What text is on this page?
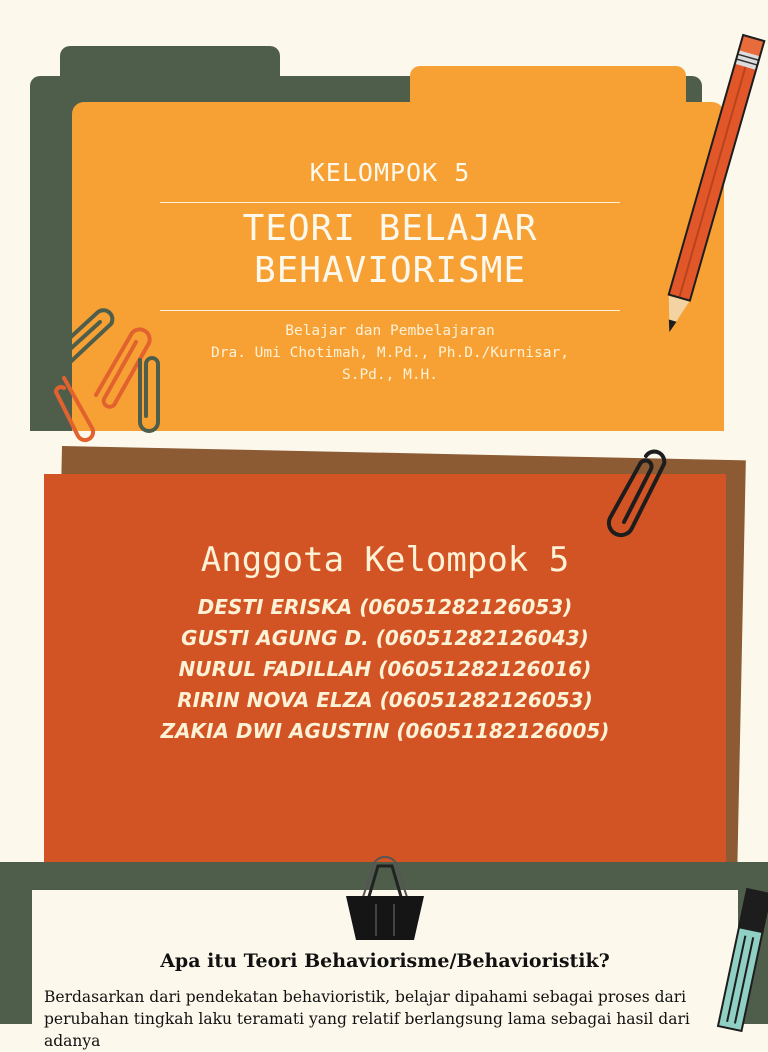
KELOMPOK 5
TEORI BELAJAR
BEHAVIORISME
Belajar dan Pembelajaran
Dra. Umi Chotimah, M.Pd., Ph.D./Kurnisar,
S.Pd., M.H.
Anggota Kelompok 5
DESTI ERISKA (06051282126053)
GUSTI AGUNG D. (06051282126043)
NURUL FADILLAH (06051282126016)
RIRIN NOVA ELZA (06051282126053)
ZAKIA DWI AGUSTIN (06051182126005)
Apa itu Teori Behaviorisme/Behavioristik?
Berdasarkan dari pendekatan behavioristik, belajar dipahami sebagai proses dari perubahan tingkah laku teramati yang relatif berlangsung lama sebagai hasil dari adanya
